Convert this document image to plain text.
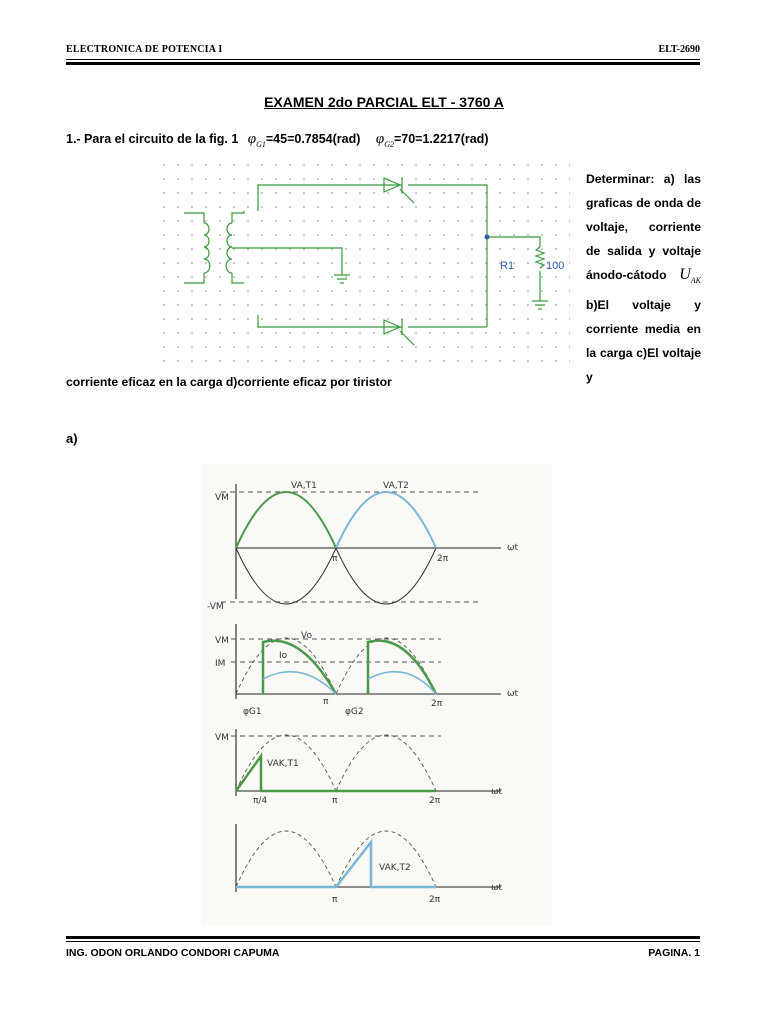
ELECTRONICA DE POTENCIA I	ELT-2690
EXAMEN 2do PARCIAL ELT - 3760 A
1.- Para el circuito de la fig. 1 $\varphi_{G1}=45=0.7854(rad)$ $\varphi_{G2}=70=1.2217(rad)$
R1	100
Determinar: a) las graficas de onda de voltaje, corriente de salida y voltaje ánodo-cátodo $U_{AK}$ b)El voltaje y corriente media en la carga c)El voltaje y
corriente eficaz en la carga d)corriente eficaz por tiristor
a)
VM
-VM
VM
IM
VM
VA,T1	VA,T2
Vo
Io
VAK,T1
VAK,T2
π	2π
ωt
π	2π
ωt
φG1	φG2
π/4	π	2π
ωt
π	2π
ωt
ING. ODON ORLANDO CONDORI CAPUMA	PAGINA. 1
